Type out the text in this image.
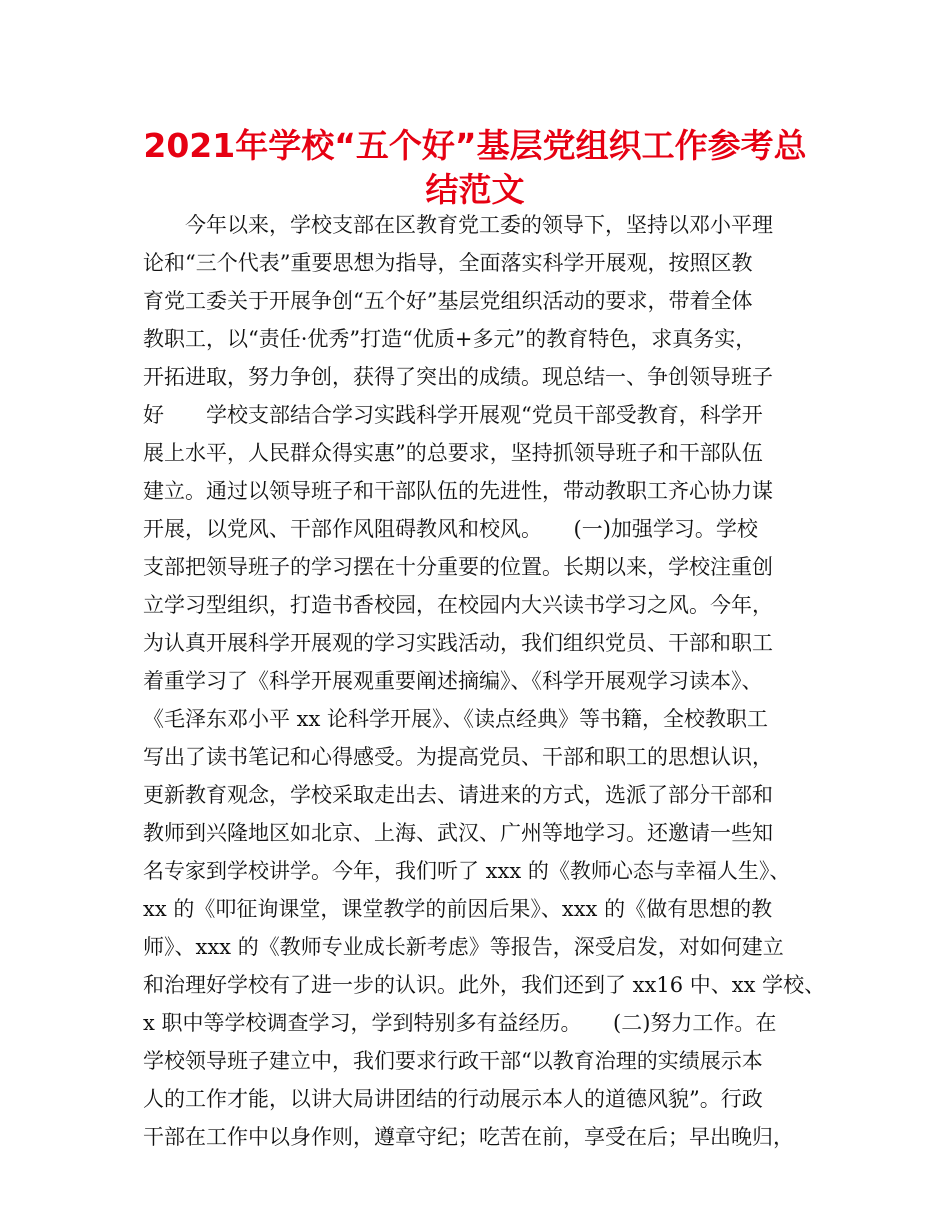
2021年学校“五个好”基层党组织工作参考总
结范文
　　今年以来，学校支部在区教育党工委的领导下，坚持以邓小平理
论和“三个代表”重要思想为指导，全面落实科学开展观，按照区教
育党工委关于开展争创“五个好”基层党组织活动的要求，带着全体
教职工，以“责任·优秀”打造“优质+多元”的教育特色，求真务实，
开拓进取，努力争创，获得了突出的成绩。现总结一、争创领导班子
好　　学校支部结合学习实践科学开展观“党员干部受教育，科学开
展上水平，人民群众得实惠”的总要求，坚持抓领导班子和干部队伍
建立。通过以领导班子和干部队伍的先进性，带动教职工齐心协力谋
开展，以党风、干部作风阻碍教风和校风。　　(一)加强学习。学校
支部把领导班子的学习摆在十分重要的位置。长期以来，学校注重创
立学习型组织，打造书香校园，在校园内大兴读书学习之风。今年，
为认真开展科学开展观的学习实践活动，我们组织党员、干部和职工
着重学习了《科学开展观重要阐述摘编》、《科学开展观学习读本》、
《毛泽东邓小平 xx 论科学开展》、《读点经典》等书籍，全校教职工
写出了读书笔记和心得感受。为提高党员、干部和职工的思想认识，
更新教育观念，学校采取走出去、请进来的方式，选派了部分干部和
教师到兴隆地区如北京、上海、武汉、广州等地学习。还邀请一些知
名专家到学校讲学。今年，我们听了 xxx 的《教师心态与幸福人生》、
xx 的《叩征询课堂，课堂教学的前因后果》、xxx 的《做有思想的教
师》、xxx 的《教师专业成长新考虑》等报告，深受启发，对如何建立
和治理好学校有了进一步的认识。此外，我们还到了 xx16 中、xx 学校、
x 职中等学校调查学习，学到特别多有益经历。　　(二)努力工作。在
学校领导班子建立中，我们要求行政干部“以教育治理的实绩展示本
人的工作才能，以讲大局讲团结的行动展示本人的道德风貌”。行政
干部在工作中以身作则，遵章守纪；吃苦在前，享受在后；早出晚归，
